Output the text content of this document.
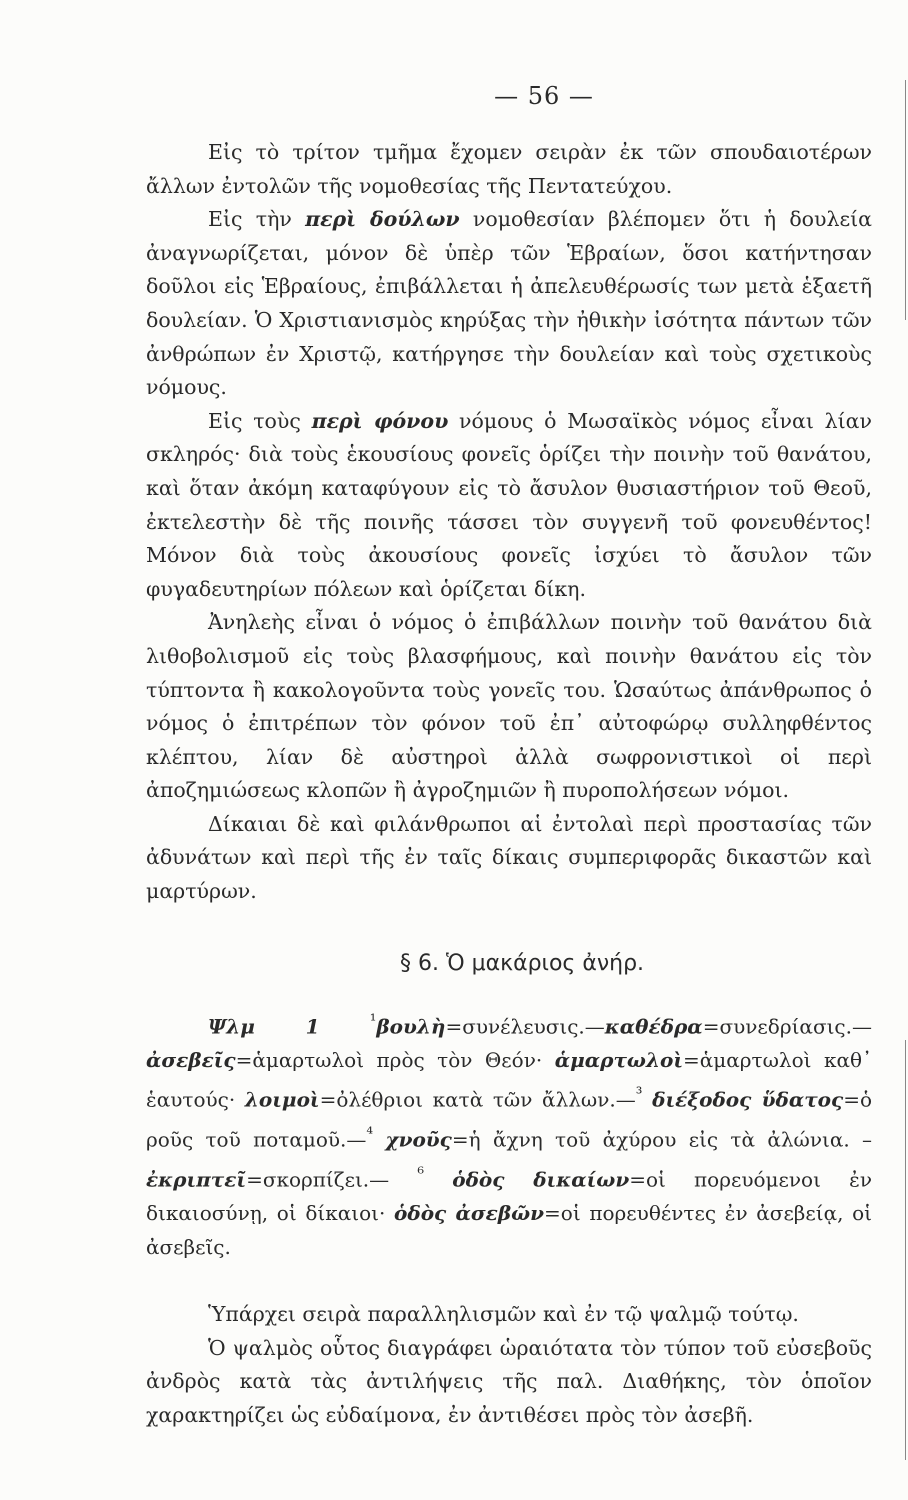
— 56 —

Εἰς τὸ τρίτον τμῆμα ἔχομεν σειρὰν ἐκ τῶν σπουδαιοτέρων ἄλλων ἐντολῶν τῆς νομοθεσίας τῆς Πεντατεύχου.

Εἰς τὴν περὶ δούλων νομοθεσίαν βλέπομεν ὅτι ἡ δουλεία ἀναγνωρίζεται, μόνον δὲ ὑπὲρ τῶν Ἑβραίων, ὅσοι κατήντησαν δοῦλοι εἰς Ἑβραίους, ἐπιβάλλεται ἡ ἀπελευθέρωσίς των μετὰ ἑξαετῆ δουλείαν. Ὁ Χριστιανισμὸς κηρύξας τὴν ἠθικὴν ἰσότητα πάντων τῶν ἀνθρώπων ἐν Χριστῷ, κατήργησε τὴν δουλείαν καὶ τοὺς σχετικοὺς νόμους.

Εἰς τοὺς περὶ φόνου νόμους ὁ Μωσαϊκὸς νόμος εἶναι λίαν σκληρός· διὰ τοὺς ἑκουσίους φονεῖς ὁρίζει τὴν ποινὴν τοῦ θανάτου, καὶ ὅταν ἀκόμη καταφύγουν εἰς τὸ ἄσυλον θυσιαστήριον τοῦ Θεοῦ, ἐκτελεστὴν δὲ τῆς ποινῆς τάσσει τὸν συγγενῆ τοῦ φονευθέντος! Μόνον διὰ τοὺς ἀκουσίους φονεῖς ἰσχύει τὸ ἄσυλον τῶν φυγαδευτηρίων πόλεων καὶ ὁρίζεται δίκη.

Ἀνηλεὴς εἶναι ὁ νόμος ὁ ἐπιβάλλων ποινὴν τοῦ θανάτου διὰ λιθοβολισμοῦ εἰς τοὺς βλασφήμους, καὶ ποινὴν θανάτου εἰς τὸν τύπτοντα ἢ κακολογοῦντα τοὺς γονεῖς του. Ὡσαύτως ἀπάνθρωπος ὁ νόμος ὁ ἐπιτρέπων τὸν φόνον τοῦ ἐπ᾿ αὐτοφώρῳ συλληφθέντος κλέπτου, λίαν δὲ αὐστηροὶ ἀλλὰ σωφρονιστικοὶ οἱ περὶ ἀποζημιώσεως κλοπῶν ἢ ἀγροζημιῶν ἢ πυροπολήσεων νόμοι.

Δίκαιαι δὲ καὶ φιλάνθρωποι αἱ ἐντολαὶ περὶ προστασίας τῶν ἀδυνάτων καὶ περὶ τῆς ἐν ταῖς δίκαις συμπεριφορᾶς δικαστῶν καὶ μαρτύρων.

§ 6. Ὁ μακάριος ἀνήρ.

Ψλμ 1	$^{^1}$βουλὴ=συνέλευσις.—καθέδρα=συνεδρίασις.— ἀσεβεῖς=ἁμαρτωλοὶ πρὸς τὸν Θεόν· ἁμαρτωλοὶ=ἁμαρτωλοὶ καθ᾿ ἑαυτούς· λοιμοὶ=ὀλέθριοι κατὰ τῶν ἄλλων.—$^{^3}$ διέξοδος ὕδατος=ὁ ροῦς τοῦ ποταμοῦ.—$^{^4}$ χνοῦς=ἡ ἄχνη τοῦ ἀχύρου εἰς τὰ ἀλώνια. – ἐκριπτεῖ=σκορπίζει.— $^{^6}$ ὁδὸς δικαίων=οἱ πορευόμενοι ἐν δικαιοσύνῃ, οἱ δίκαιοι· ὁδὸς ἀσεβῶν=οἱ πορευθέντες ἐν ἀσεβείᾳ, οἱ ἀσεβεῖς.

Ὑπάρχει σειρὰ παραλληλισμῶν καὶ ἐν τῷ ψαλμῷ τούτῳ.

Ὁ ψαλμὸς οὗτος διαγράφει ὡραιότατα τὸν τύπον τοῦ εὐσεβοῦς ἀνδρὸς κατὰ τὰς ἀντιλήψεις τῆς παλ. Διαθήκης, τὸν ὁποῖον χαρακτηρίζει ὡς εὐδαίμονα, ἐν ἀντιθέσει πρὸς τὸν ἀσεβῆ.
